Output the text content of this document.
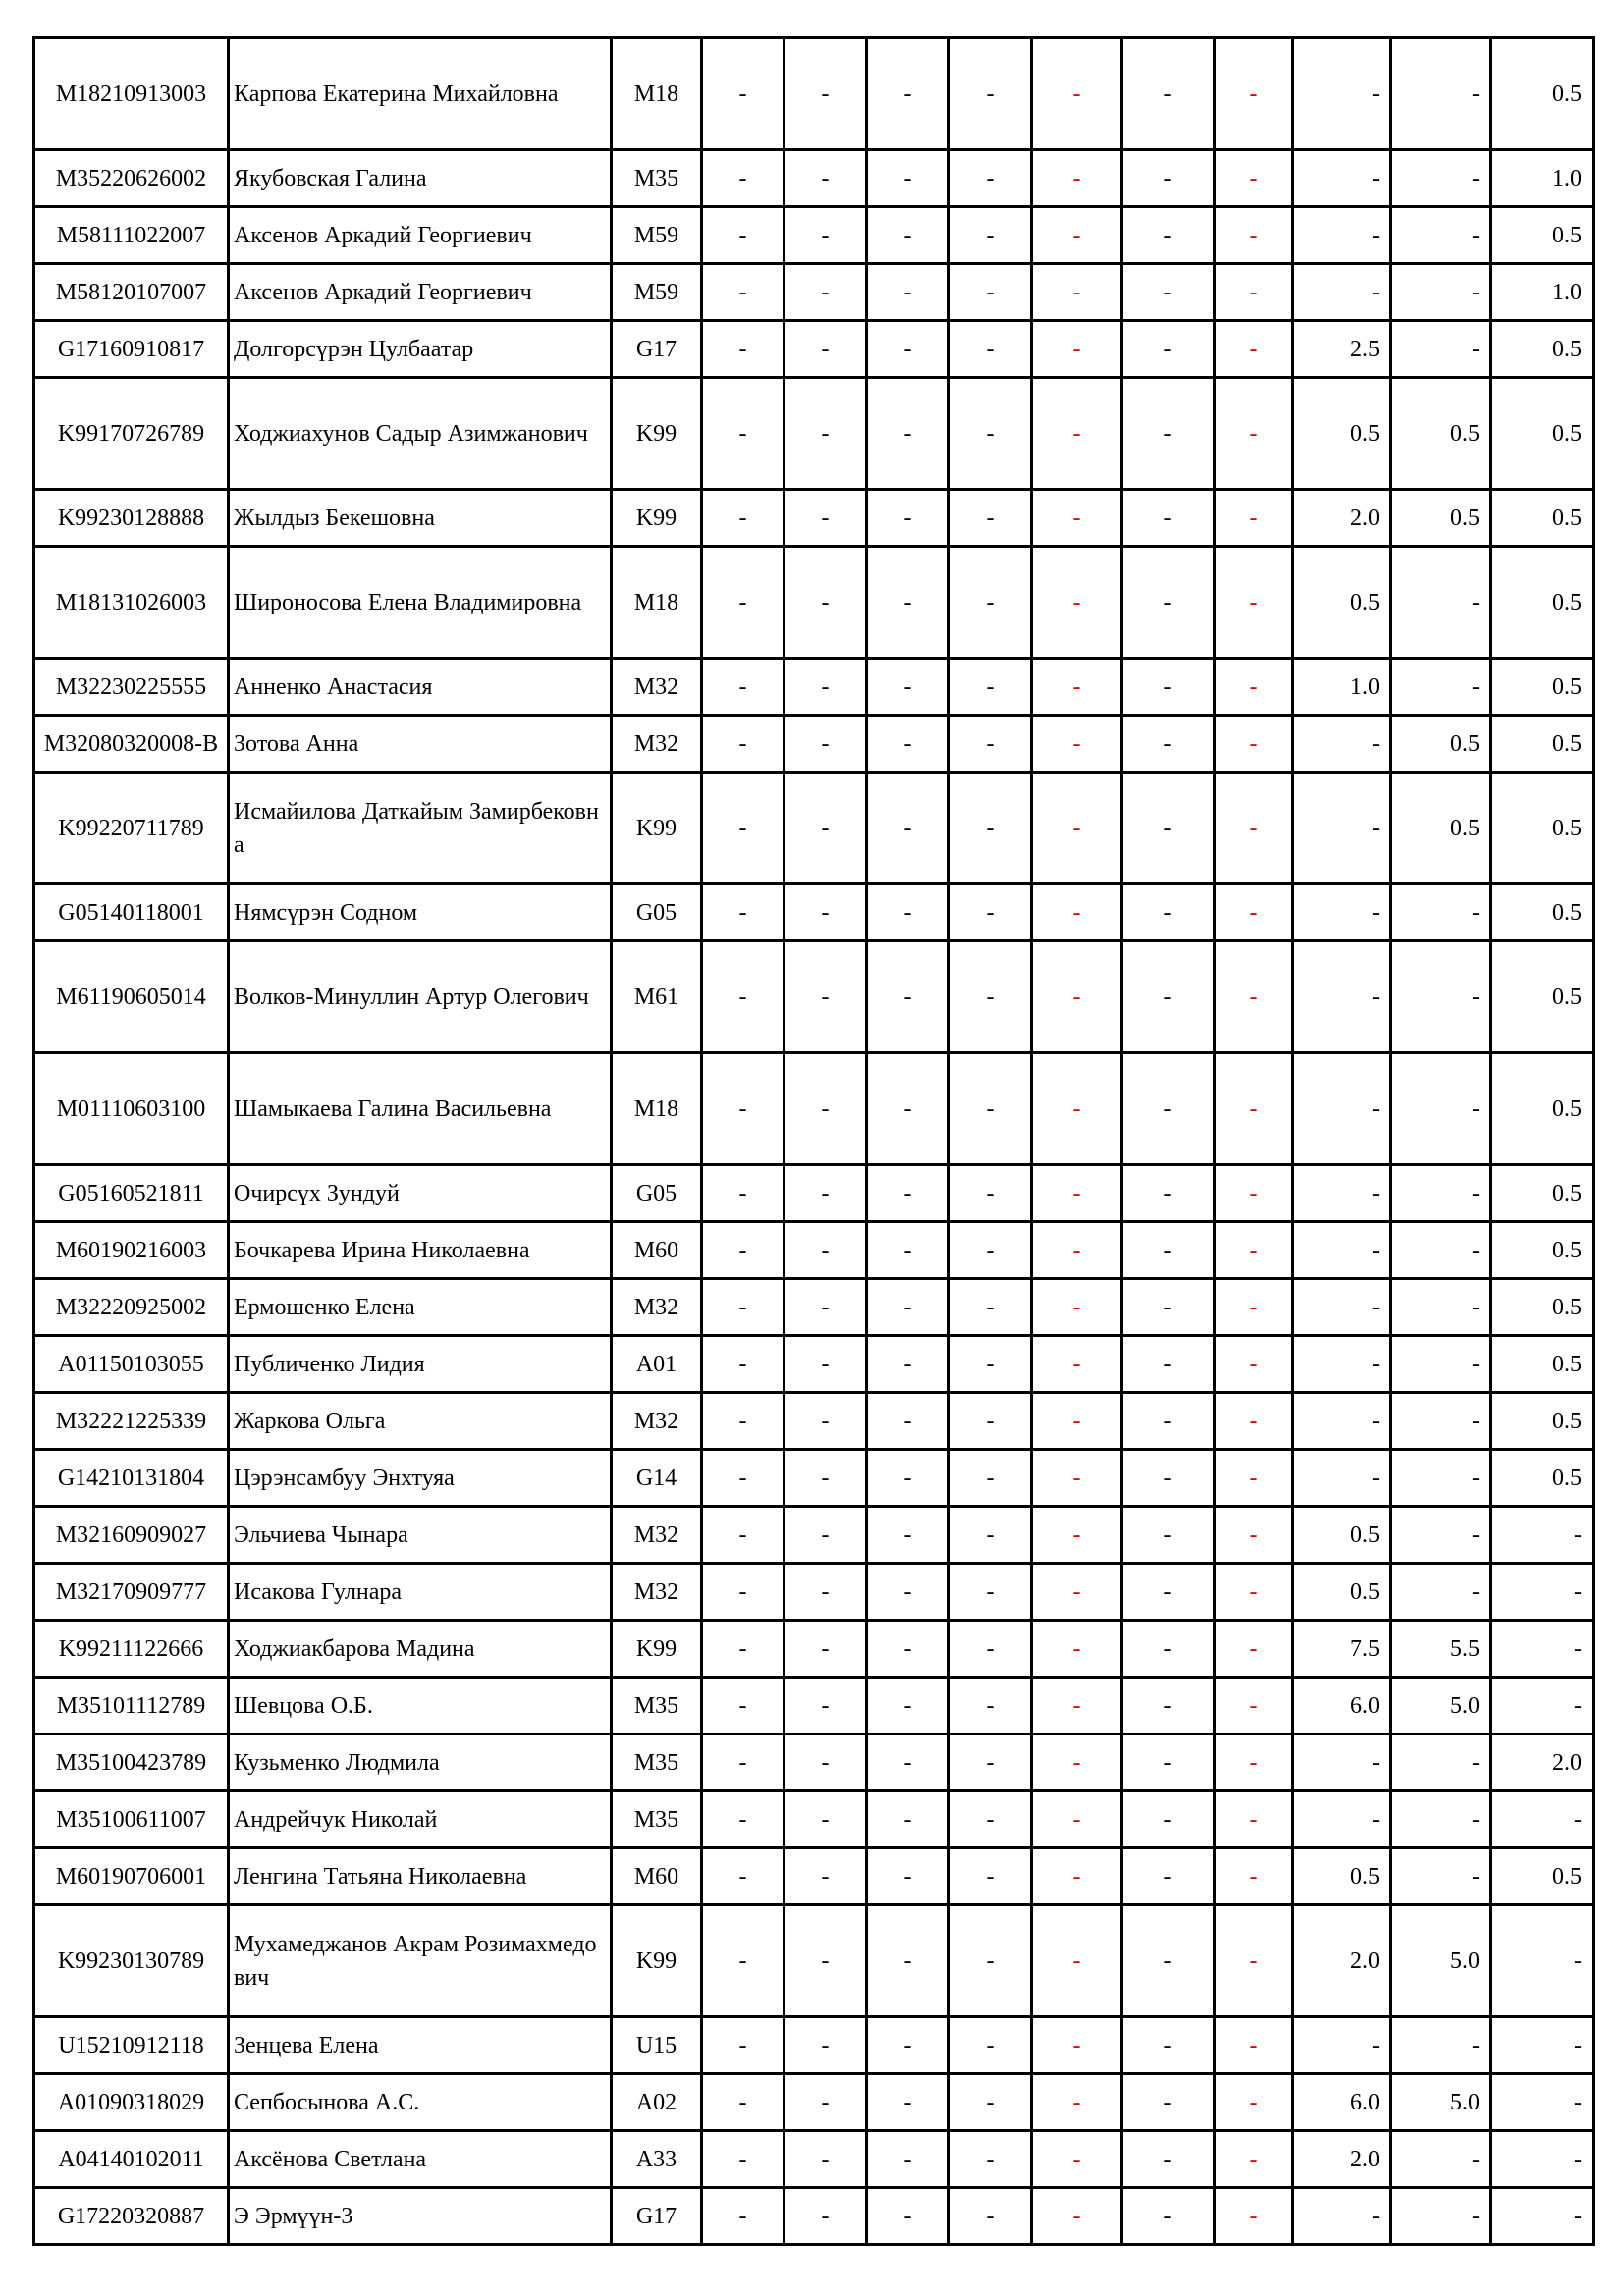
M18210913003	Карпова Екатерина Михайловна	M18	-	-	-	-	-	-	-	-	-	0.5
M35220626002	Якубовская Галина	M35	-	-	-	-	-	-	-	-	-	1.0
M58111022007	Аксенов Аркадий Георгиевич	M59	-	-	-	-	-	-	-	-	-	0.5
M58120107007	Аксенов Аркадий Георгиевич	M59	-	-	-	-	-	-	-	-	-	1.0
G17160910817	Долгорсүрэн Цулбаатар	G17	-	-	-	-	-	-	-	2.5	-	0.5
K99170726789	Ходжиахунов Садыр Азимжанович	K99	-	-	-	-	-	-	-	0.5	0.5	0.5
K99230128888	Жылдыз Бекешовна	K99	-	-	-	-	-	-	-	2.0	0.5	0.5
M18131026003	Широносова Елена Владимировна	M18	-	-	-	-	-	-	-	0.5	-	0.5
M32230225555	Анненко Анастасия	M32	-	-	-	-	-	-	-	1.0	-	0.5
M32080320008-B	Зотова Анна	M32	-	-	-	-	-	-	-	-	0.5	0.5
K99220711789	Исмайилова Даткайым Замирбековна	K99	-	-	-	-	-	-	-	-	0.5	0.5
G05140118001	Нямсүрэн Содном	G05	-	-	-	-	-	-	-	-	-	0.5
M61190605014	Волков-Минуллин Артур Олегович	M61	-	-	-	-	-	-	-	-	-	0.5
M01110603100	Шамыкаева Галина Васильевна	M18	-	-	-	-	-	-	-	-	-	0.5
G05160521811	Очирсүх Зундуй	G05	-	-	-	-	-	-	-	-	-	0.5
M60190216003	Бочкарева Ирина Николаевна	M60	-	-	-	-	-	-	-	-	-	0.5
M32220925002	Ермошенко Елена	M32	-	-	-	-	-	-	-	-	-	0.5
A01150103055	Публиченко Лидия	A01	-	-	-	-	-	-	-	-	-	0.5
M32221225339	Жаркова Ольга	M32	-	-	-	-	-	-	-	-	-	0.5
G14210131804	Цэрэнсамбуу Энхтуяа	G14	-	-	-	-	-	-	-	-	-	0.5
M32160909027	Эльчиева Чынара	M32	-	-	-	-	-	-	-	0.5	-	-
M32170909777	Исакова Гулнара	M32	-	-	-	-	-	-	-	0.5	-	-
K99211122666	Ходжиакбарова Мадина	K99	-	-	-	-	-	-	-	7.5	5.5	-
M35101112789	Шевцова О.Б.	M35	-	-	-	-	-	-	-	6.0	5.0	-
M35100423789	Кузьменко Людмила	M35	-	-	-	-	-	-	-	-	-	2.0
M35100611007	Андрейчук Николай	M35	-	-	-	-	-	-	-	-	-	-
M60190706001	Ленгина Татьяна Николаевна	M60	-	-	-	-	-	-	-	0.5	-	0.5
K99230130789	Мухамеджанов Акрам Розимахмедович	K99	-	-	-	-	-	-	-	2.0	5.0	-
U15210912118	Зенцева Елена	U15	-	-	-	-	-	-	-	-	-	-
A01090318029	Сепбосынова А.С.	A02	-	-	-	-	-	-	-	6.0	5.0	-
A04140102011	Аксёнова Светлана	A33	-	-	-	-	-	-	-	2.0	-	-
G17220320887	Э Эрмүүн-3	G17	-	-	-	-	-	-	-	-	-	-
